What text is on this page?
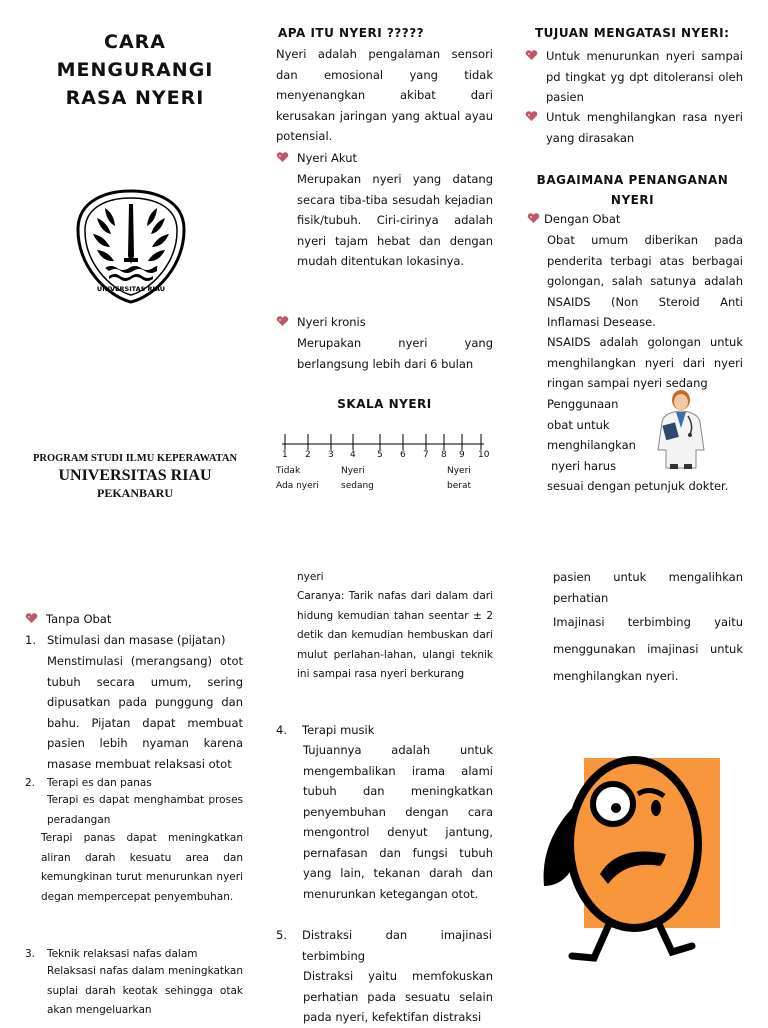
CARA MENGURANGI
RASA NYERI
UNIVERSITAS RIAU
PROGRAM STUDI ILMU KEPERAWATAN
UNIVERSITAS RIAU
PEKANBARU
APA ITU NYERI ?????
Nyeri adalah pengalaman sensori dan emosional yang tidak menyenangkan akibat dari kerusakan jaringan yang aktual ayau potensial.
Nyeri Akut
Merupakan nyeri yang datang secara tiba-tiba sesudah kejadian fisik/tubuh. Ciri-cirinya adalah nyeri tajam hebat dan dengan mudah ditentukan lokasinya.
Nyeri kronis
Merupakan nyeri yang berlangsung lebih dari 6 bulan
SKALA NYERI
1 2 3 4 5 6 7 8 9 10
Tidak
Ada nyeri
Nyeri
sedang
Nyeri
berat
TUJUAN MENGATASI NYERI:
Untuk menurunkan nyeri sampai pd tingkat yg dpt ditoleransi oleh pasien
Untuk menghilangkan rasa nyeri yang dirasakan
BAGAIMANA PENANGANAN
NYERI
Dengan Obat
Obat umum diberikan pada penderita terbagi atas berbagai golongan, salah satunya adalah NSAIDS (Non Steroid Anti Inflamasi Desease.
NSAIDS adalah golongan untuk menghilangkan nyeri dari nyeri ringan sampai nyeri sedang
Penggunaan
obat untuk
menghilangkan
nyeri harus
sesuai dengan petunjuk dokter.
Tanpa Obat
1. Stimulasi dan masase (pijatan)
Menstimulasi (merangsang) otot tubuh secara umum, sering dipusatkan pada punggung dan bahu. Pijatan dapat membuat pasien lebih nyaman karena masase membuat relaksasi otot
2.	Terapi es dan panas
Terapi es dapat menghambat proses peradangan
Terapi panas dapat meningkatkan aliran darah kesuatu area dan kemungkinan turut menurunkan nyeri degan mempercepat penyembuhan.
3.	Teknik relaksasi nafas dalam
Relaksasi nafas dalam meningkatkan suplai darah keotak sehingga otak akan mengeluarkan
nyeri
Caranya: Tarik nafas dari dalam dari hidung kemudian tahan seentar ± 2 detik dan kemudian hembuskan dari mulut perlahan-lahan, ulangi teknik ini sampai rasa nyeri berkurang
4.	Terapi musik
Tujuannya adalah untuk mengembalikan irama alami tubuh dan meningkatkan penyembuhan dengan cara mengontrol denyut jantung, pernafasan dan fungsi tubuh yang lain, tekanan darah dan menurunkan ketegangan otot.
5.	Distraksi dan imajinasi terbimbing
Distraksi yaitu memfokuskan perhatian pada sesuatu selain pada nyeri, kefektifan distraksi
pasien untuk mengalihkan perhatian
Imajinasi terbimbing yaitu menggunakan imajinasi untuk menghilangkan nyeri.
